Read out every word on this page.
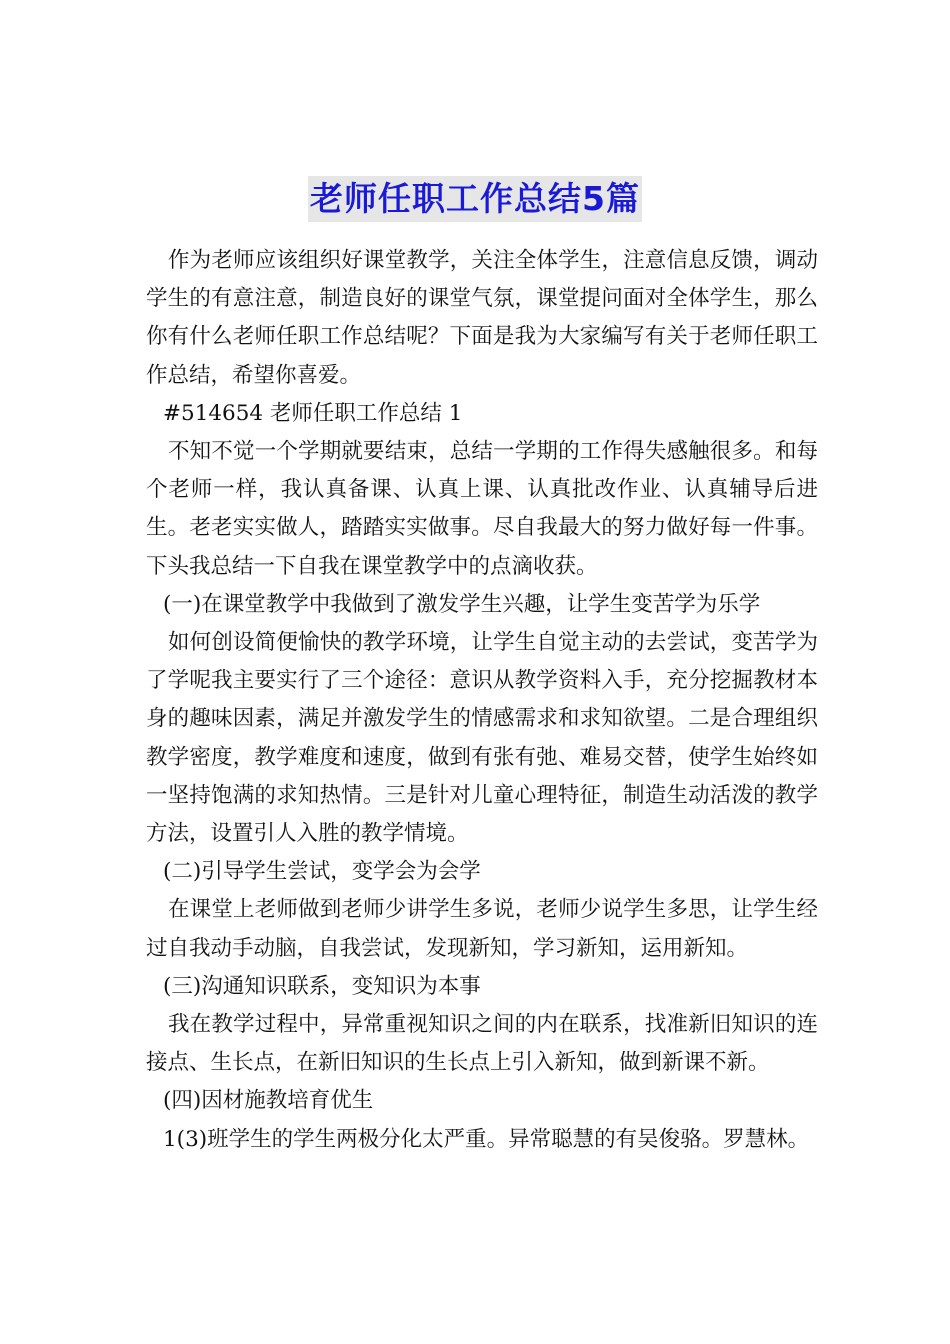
老师任职工作总结5篇

作为老师应该组织好课堂教学，关注全体学生，注意信息反馈，调动学生的有意注意，制造良好的课堂气氛，课堂提问面对全体学生，那么你有什么老师任职工作总结呢？下面是我为大家编写有关于老师任职工作总结，希望你喜爱。

#514654 老师任职工作总结 1

不知不觉一个学期就要结束，总结一学期的工作得失感触很多。和每个老师一样，我认真备课、认真上课、认真批改作业、认真辅导后进生。老老实实做人，踏踏实实做事。尽自我最大的努力做好每一件事。下头我总结一下自我在课堂教学中的点滴收获。

(一)在课堂教学中我做到了激发学生兴趣，让学生变苦学为乐学

如何创设简便愉快的教学环境，让学生自觉主动的去尝试，变苦学为了学呢我主要实行了三个途径：意识从教学资料入手，充分挖掘教材本身的趣味因素，满足并激发学生的情感需求和求知欲望。二是合理组织教学密度，教学难度和速度，做到有张有弛、难易交替，使学生始终如一坚持饱满的求知热情。三是针对儿童心理特征，制造生动活泼的教学方法，设置引人入胜的教学情境。

(二)引导学生尝试，变学会为会学

在课堂上老师做到老师少讲学生多说，老师少说学生多思，让学生经过自我动手动脑，自我尝试，发现新知，学习新知，运用新知。

(三)沟通知识联系，变知识为本事

我在教学过程中，异常重视知识之间的内在联系，找准新旧知识的连接点、生长点，在新旧知识的生长点上引入新知，做到新课不新。

(四)因材施教培育优生

1(3)班学生的学生两极分化太严重。异常聪慧的有吴俊骆。罗慧林。
